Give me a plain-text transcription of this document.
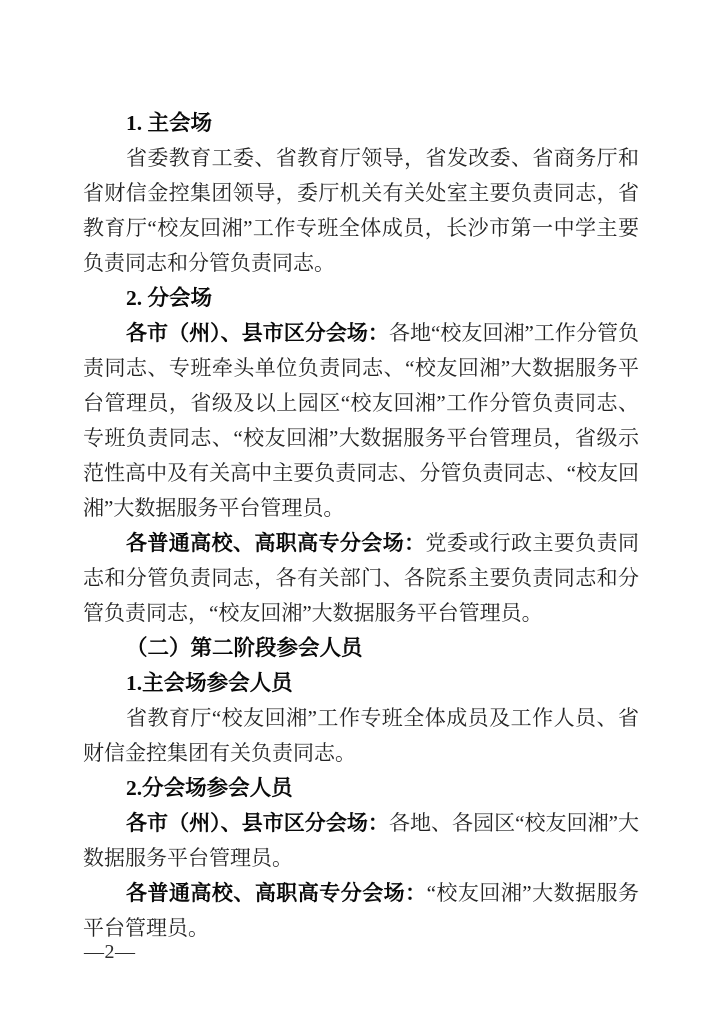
1. 主会场

省委教育工委、省教育厅领导，省发改委、省商务厅和省财信金控集团领导，委厅机关有关处室主要负责同志，省教育厅“校友回湘”工作专班全体成员，长沙市第一中学主要负责同志和分管负责同志。

2. 分会场

各市（州）、县市区分会场：各地“校友回湘”工作分管负责同志、专班牵头单位负责同志、“校友回湘”大数据服务平台管理员，省级及以上园区“校友回湘”工作分管负责同志、专班负责同志、“校友回湘”大数据服务平台管理员，省级示范性高中及有关高中主要负责同志、分管负责同志、“校友回湘”大数据服务平台管理员。

各普通高校、高职高专分会场：党委或行政主要负责同志和分管负责同志，各有关部门、各院系主要负责同志和分管负责同志，“校友回湘”大数据服务平台管理员。

（二）第二阶段参会人员

1.主会场参会人员

省教育厅“校友回湘”工作专班全体成员及工作人员、省财信金控集团有关负责同志。

2.分会场参会人员

各市（州）、县市区分会场：各地、各园区“校友回湘”大数据服务平台管理员。

各普通高校、高职高专分会场：“校友回湘”大数据服务平台管理员。

—2—
